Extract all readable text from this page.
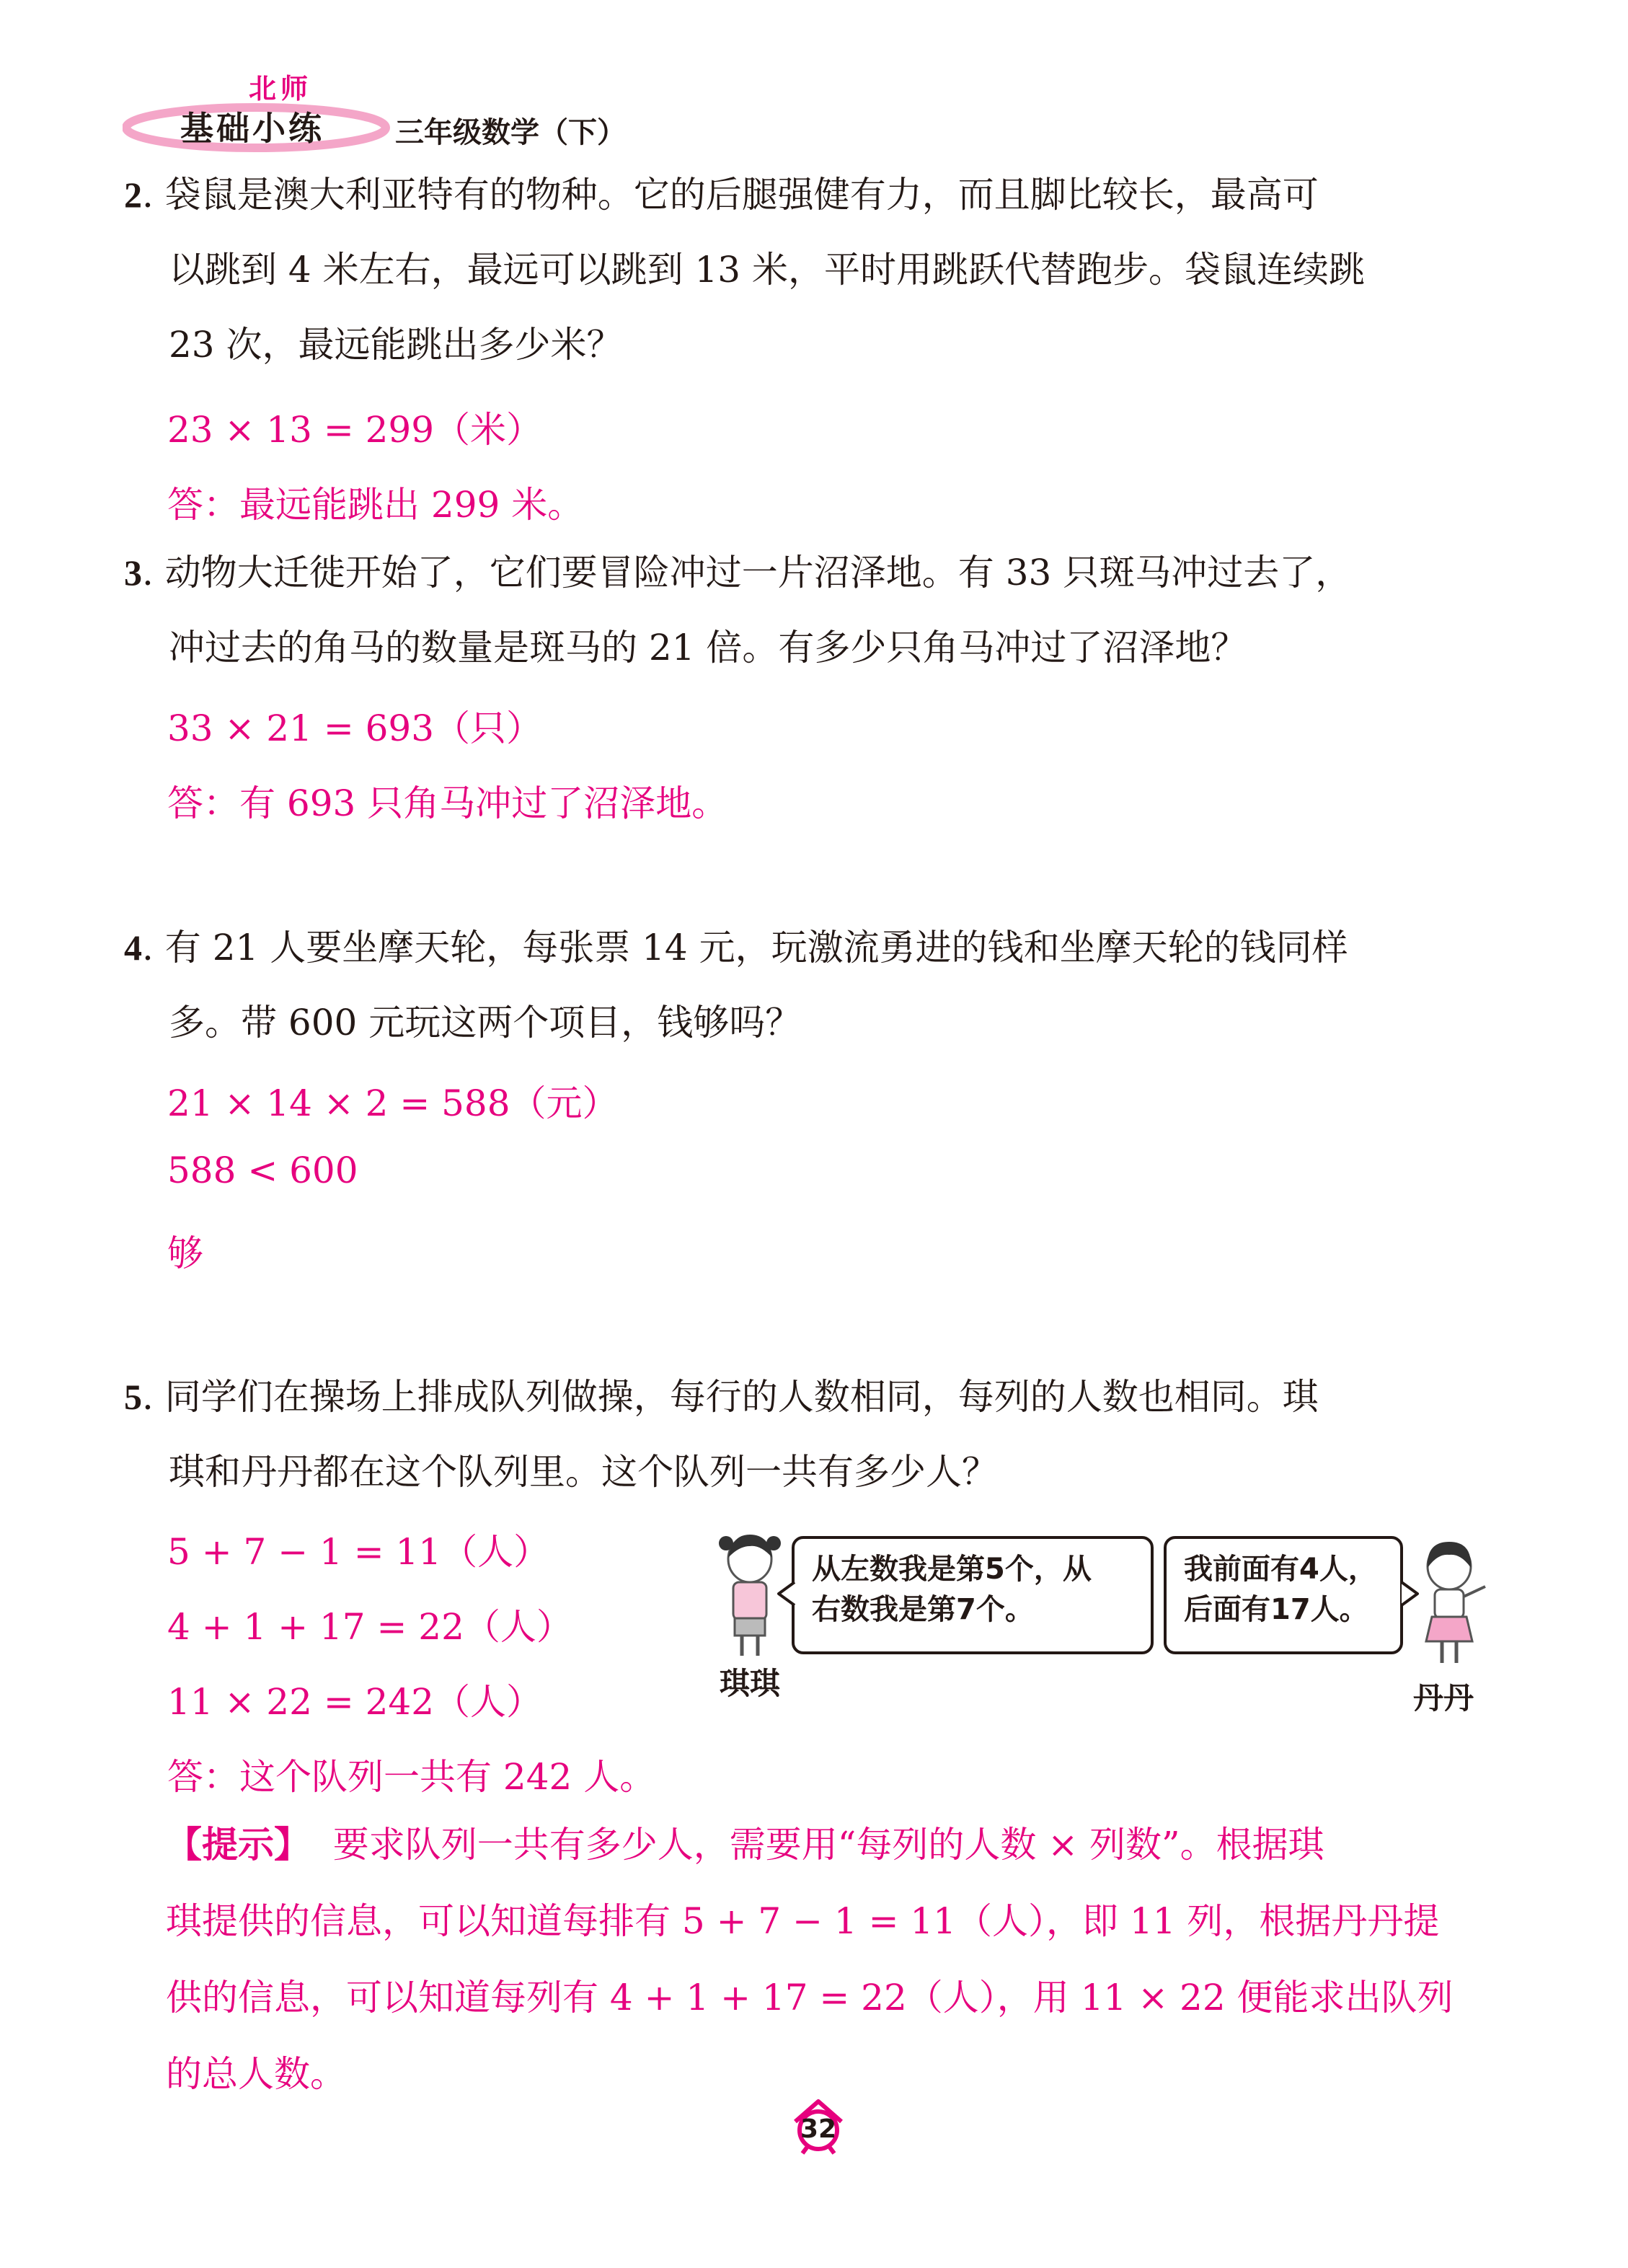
北师
基础小练 三年级数学（下）
2. 袋鼠是澳大利亚特有的物种。它的后腿强健有力，而且脚比较长，最高可
以跳到 4 米左右，最远可以跳到 13 米，平时用跳跃代替跑步。袋鼠连续跳
23 次，最远能跳出多少米？
23 × 13 = 299（米）
答：最远能跳出 299 米。
3. 动物大迁徙开始了，它们要冒险冲过一片沼泽地。有 33 只斑马冲过去了，
冲过去的角马的数量是斑马的 21 倍。有多少只角马冲过了沼泽地？
33 × 21 = 693（只）
答：有 693 只角马冲过了沼泽地。
4. 有 21 人要坐摩天轮，每张票 14 元，玩激流勇进的钱和坐摩天轮的钱同样
多。带 600 元玩这两个项目，钱够吗？
21 × 14 × 2 = 588（元）
588 < 600
够
5. 同学们在操场上排成队列做操，每行的人数相同，每列的人数也相同。琪
琪和丹丹都在这个队列里。这个队列一共有多少人？
5 + 7 − 1 = 11（人）
4 + 1 + 17 = 22（人）
11 × 22 = 242（人）
答：这个队列一共有 242 人。
琪琪
从左数我是第5个，从
右数我是第7个。
我前面有4人，
后面有17人。
丹丹
【提示】 要求队列一共有多少人，需要用“每列的人数 × 列数”。根据琪
琪提供的信息，可以知道每排有 5 + 7 − 1 = 11（人），即 11 列，根据丹丹提
供的信息，可以知道每列有 4 + 1 + 17 = 22（人），用 11 × 22 便能求出队列
的总人数。
32
